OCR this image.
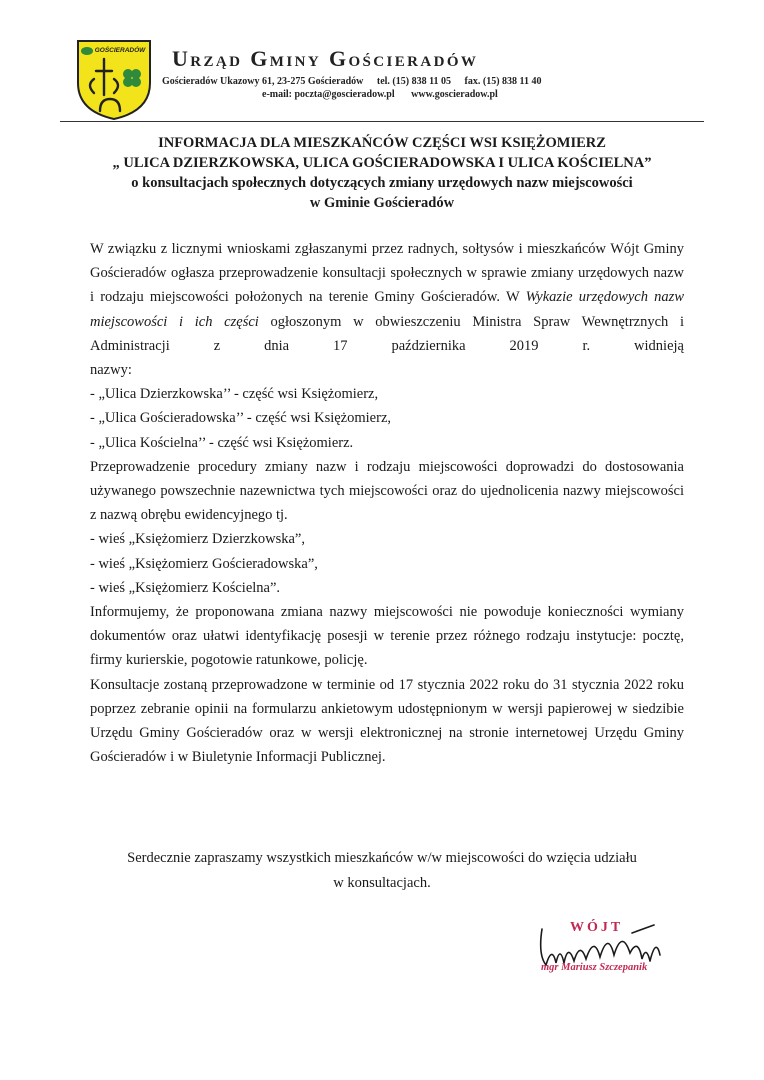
GOŚCIERADÓW Urząd Gminy Gościeradów
Gościeradów Ukazowy 61, 23-275 Gościeradów tel. (15) 838 11 05 fax. (15) 838 11 40
e-mail: poczta@goscieradow.pl www.goscieradow.pl
INFORMACJA DLA MIESZKAŃCÓW CZĘŚCI WSI KSIĘŻOMIERZ
„ ULICA DZIERZKOWSKA, ULICA GOŚCIERADOWSKA I ULICA KOŚCIELNA”
o konsultacjach społecznych dotyczących zmiany urzędowych nazw miejscowości
w Gminie Gościeradów

W związku z licznymi wnioskami zgłaszanymi przez radnych, sołtysów i mieszkańców Wójt Gminy Gościeradów ogłasza przeprowadzenie konsultacji społecznych w sprawie zmiany urzędowych nazw i rodzaju miejscowości położonych na terenie Gminy Gościeradów. W Wykazie urzędowych nazw miejscowości i ich części ogłoszonym w obwieszczeniu Ministra Spraw Wewnętrznych i Administracji z dnia 17 października 2019 r. widnieją

nazwy:

- „Ulica Dzierzkowska’’ - część wsi Księżomierz,
- „Ulica Gościeradowska’’ - część wsi Księżomierz,
- „Ulica Kościelna’’ - część wsi Księżomierz.

Przeprowadzenie procedury zmiany nazw i rodzaju miejscowości doprowadzi do dostosowania używanego powszechnie nazewnictwa tych miejscowości oraz do ujednolicenia nazwy miejscowości z nazwą obrębu ewidencyjnego tj.

- wieś „Księżomierz Dzierzkowska”,
- wieś „Księżomierz Gościeradowska”,
- wieś „Księżomierz Kościelna”.

Informujemy, że proponowana zmiana nazwy miejscowości nie powoduje konieczności wymiany dokumentów oraz ułatwi identyfikację posesji w terenie przez różnego rodzaju instytucje: pocztę, firmy kurierskie, pogotowie ratunkowe, policję.

Konsultacje zostaną przeprowadzone w terminie od 17 stycznia 2022 roku do 31 stycznia 2022 roku poprzez zebranie opinii na formularzu ankietowym udostępnionym w wersji papierowej w siedzibie Urzędu Gminy Gościeradów oraz w wersji elektronicznej na stronie internetowej Urzędu Gminy Gościeradów i w Biuletynie Informacji Publicznej.

Serdecznie zapraszamy wszystkich mieszkańców w/w miejscowości do wzięcia udziału
w konsultacjach.
WÓJT
mgr Mariusz Szczepanik
